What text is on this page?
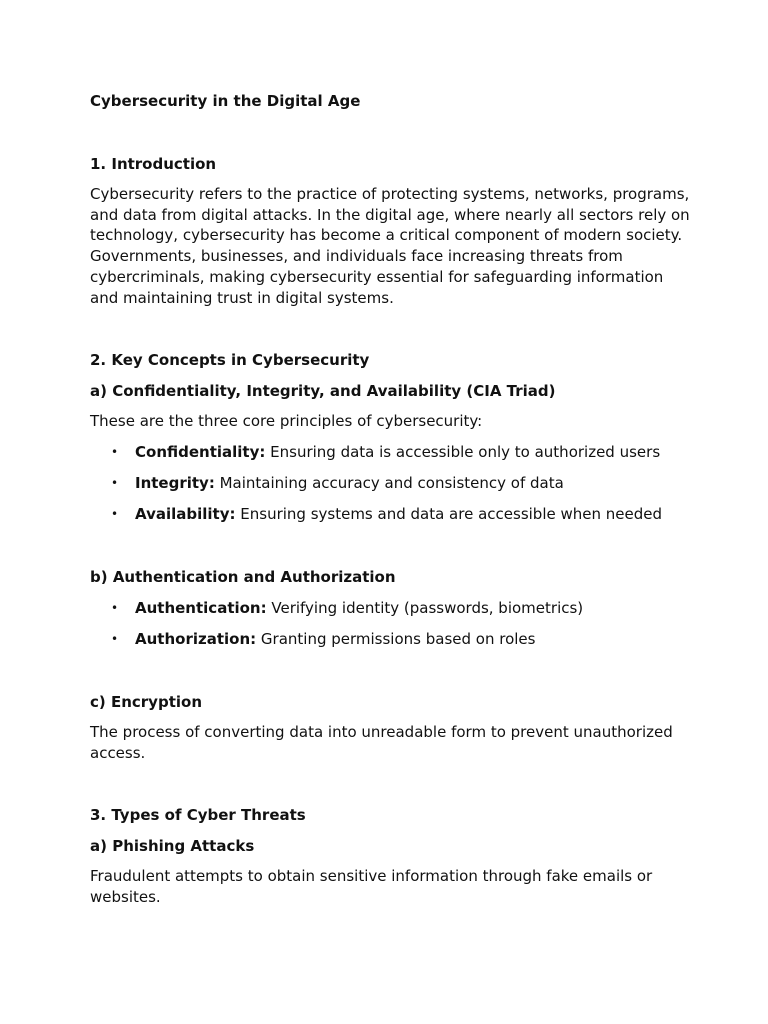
Cybersecurity in the Digital Age

1. Introduction

Cybersecurity refers to the practice of protecting systems, networks, programs, and data from digital attacks. In the digital age, where nearly all sectors rely on technology, cybersecurity has become a critical component of modern society. Governments, businesses, and individuals face increasing threats from cybercriminals, making cybersecurity essential for safeguarding information and maintaining trust in digital systems.

2. Key Concepts in Cybersecurity

a) Confidentiality, Integrity, and Availability (CIA Triad)

These are the three core principles of cybersecurity:

• Confidentiality: Ensuring data is accessible only to authorized users
• Integrity: Maintaining accuracy and consistency of data
• Availability: Ensuring systems and data are accessible when needed

b) Authentication and Authorization

• Authentication: Verifying identity (passwords, biometrics)
• Authorization: Granting permissions based on roles

c) Encryption

The process of converting data into unreadable form to prevent unauthorized access.

3. Types of Cyber Threats

a) Phishing Attacks

Fraudulent attempts to obtain sensitive information through fake emails or websites.
